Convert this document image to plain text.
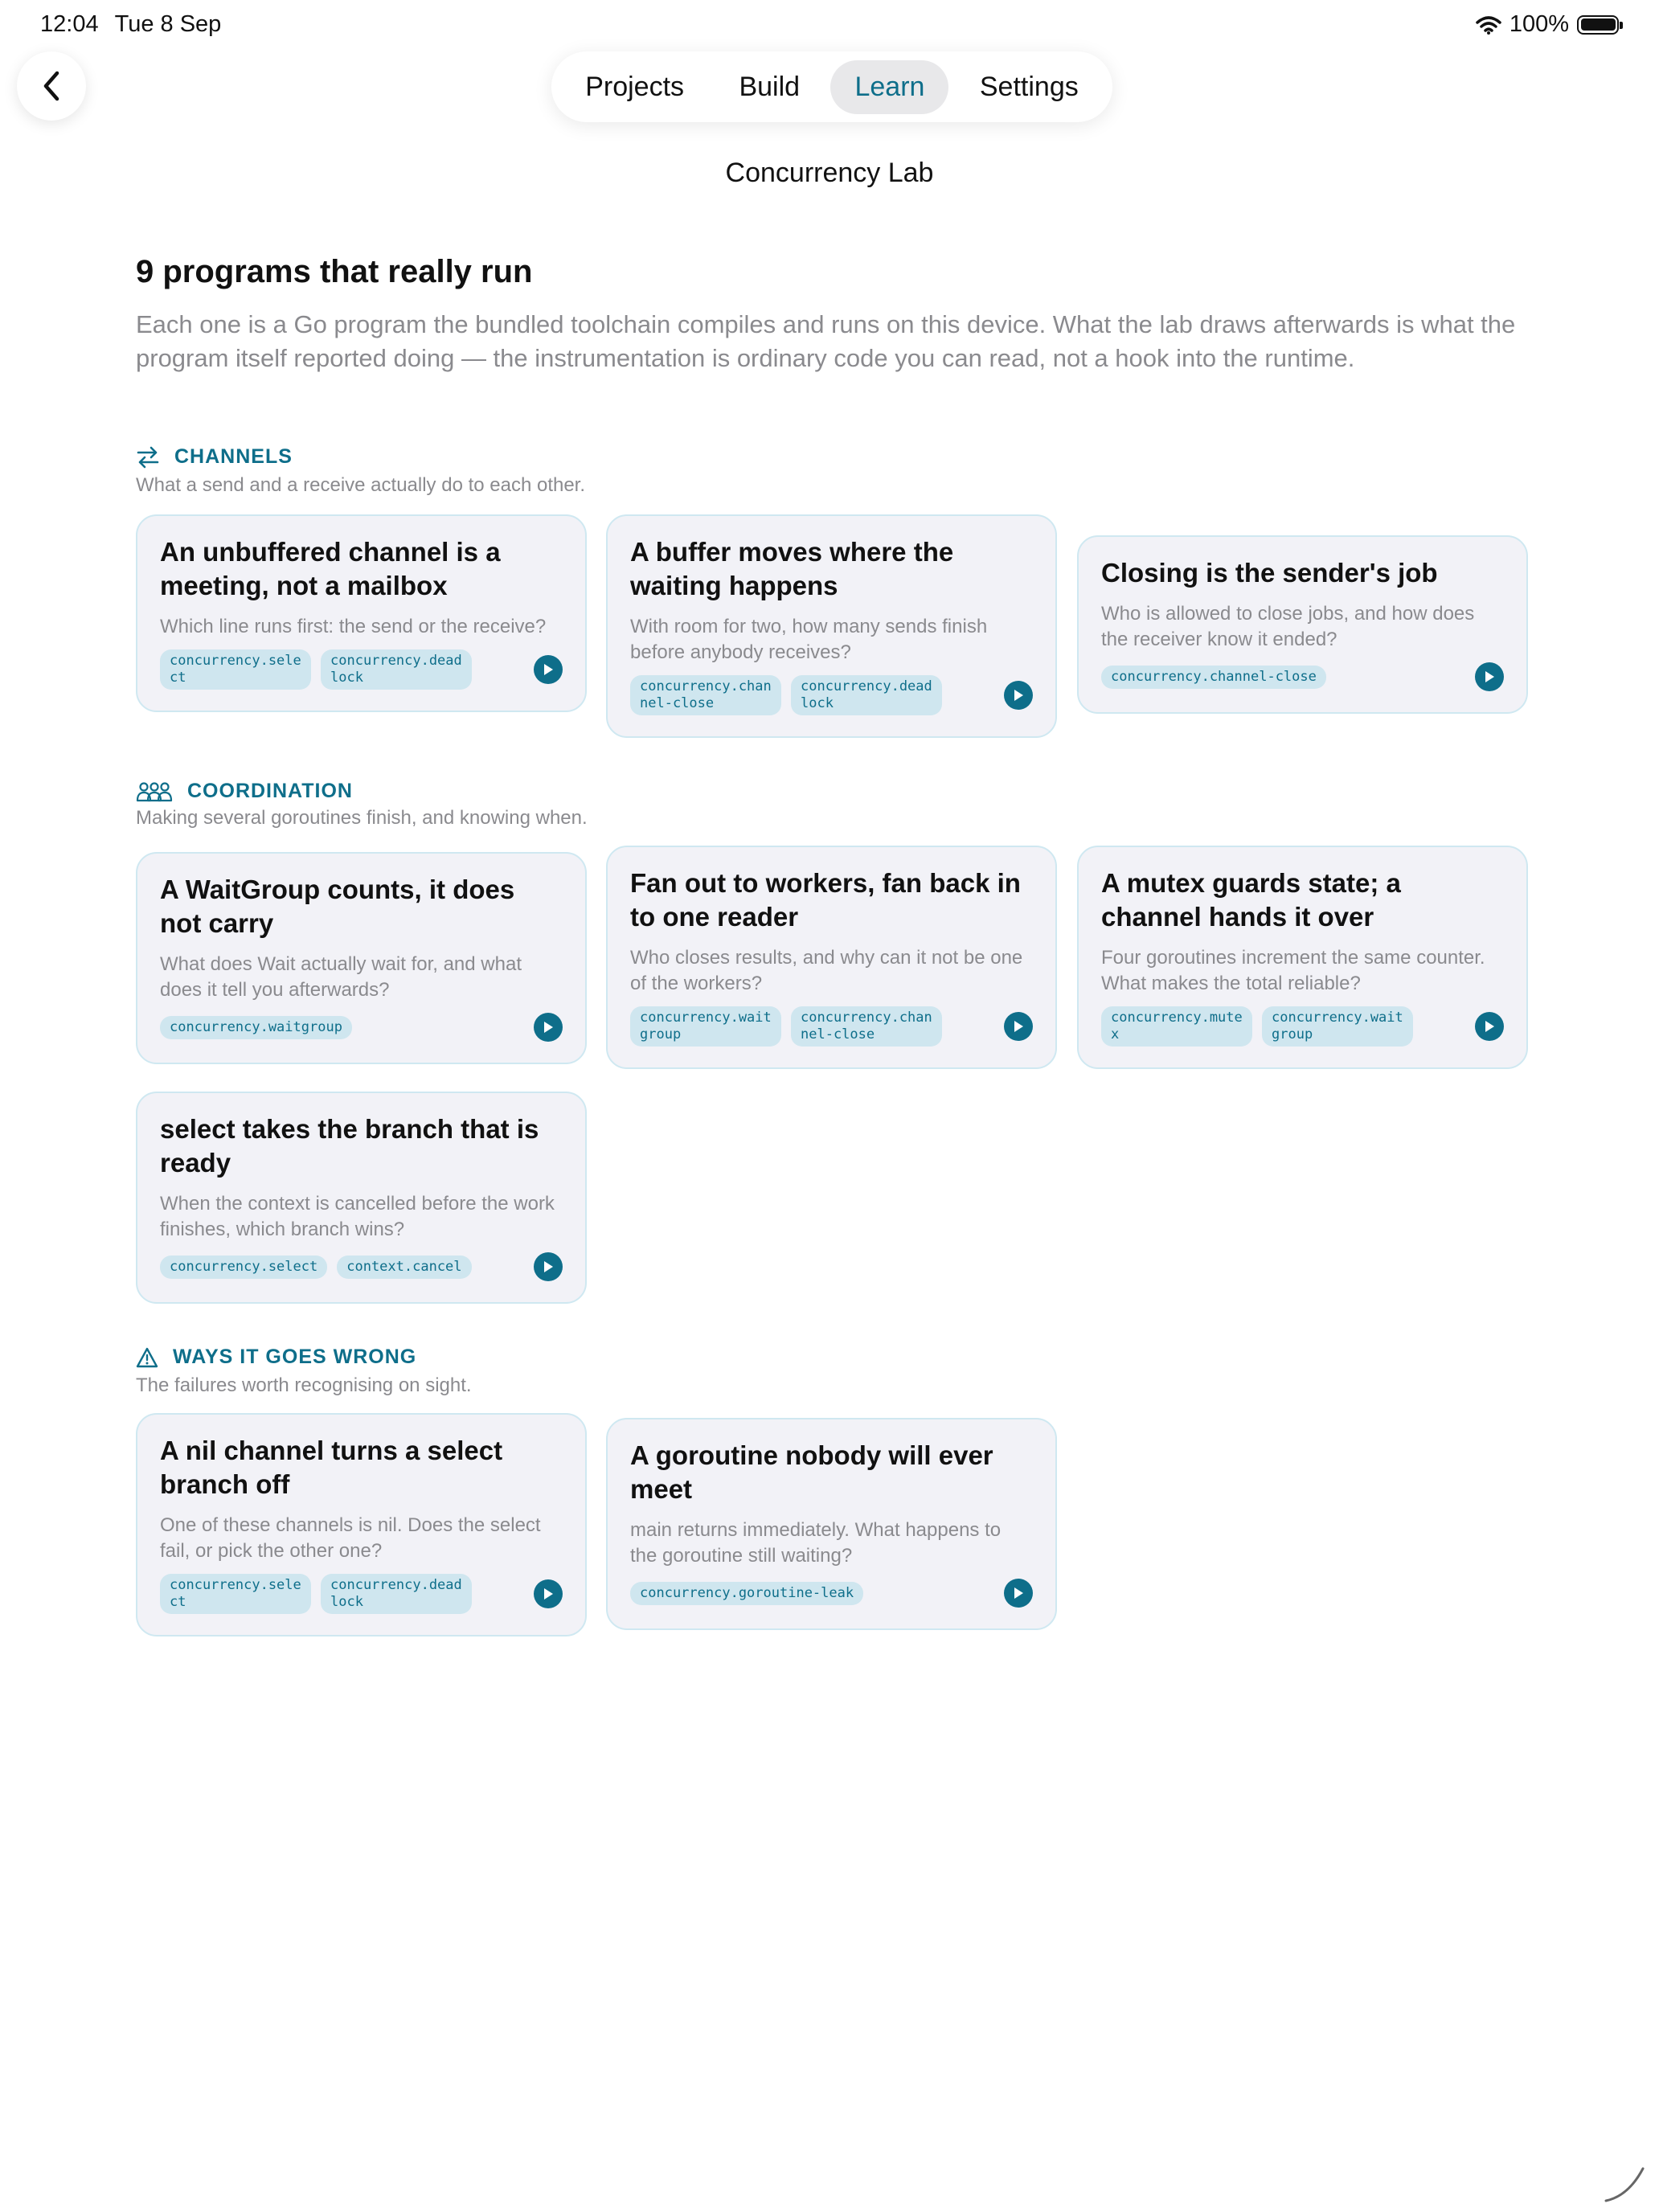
12:04 Tue 8 Sep	100%
Projects	Build	Learn	Settings
Concurrency Lab
9 programs that really run
Each one is a Go program the bundled toolchain compiles and runs on this device. What the lab draws afterwards is what the program itself reported doing — the instrumentation is ordinary code you can read, not a hook into the runtime.
CHANNELS
What a send and a receive actually do to each other.
An unbuffered channel is a meeting, not a mailbox
Which line runs first: the send or the receive?
concurrency.select
concurrency.deadlock
A buffer moves where the waiting happens
With room for two, how many sends finish before anybody receives?
concurrency.channel-close
concurrency.deadlock
Closing is the sender's job
Who is allowed to close jobs, and how does the receiver know it ended?
concurrency.channel-close
COORDINATION
Making several goroutines finish, and knowing when.
A WaitGroup counts, it does not carry
What does Wait actually wait for, and what does it tell you afterwards?
concurrency.waitgroup
Fan out to workers, fan back in to one reader
Who closes results, and why can it not be one of the workers?
concurrency.waitgroup
concurrency.channel-close
A mutex guards state; a channel hands it over
Four goroutines increment the same counter. What makes the total reliable?
concurrency.mutex
concurrency.waitgroup
select takes the branch that is ready
When the context is cancelled before the work finishes, which branch wins?
concurrency.select	context.cancel
WAYS IT GOES WRONG
The failures worth recognising on sight.
A nil channel turns a select branch off
One of these channels is nil. Does the select fail, or pick the other one?
concurrency.select
concurrency.deadlock
A goroutine nobody will ever meet
main returns immediately. What happens to the goroutine still waiting?
concurrency.goroutine-leak
